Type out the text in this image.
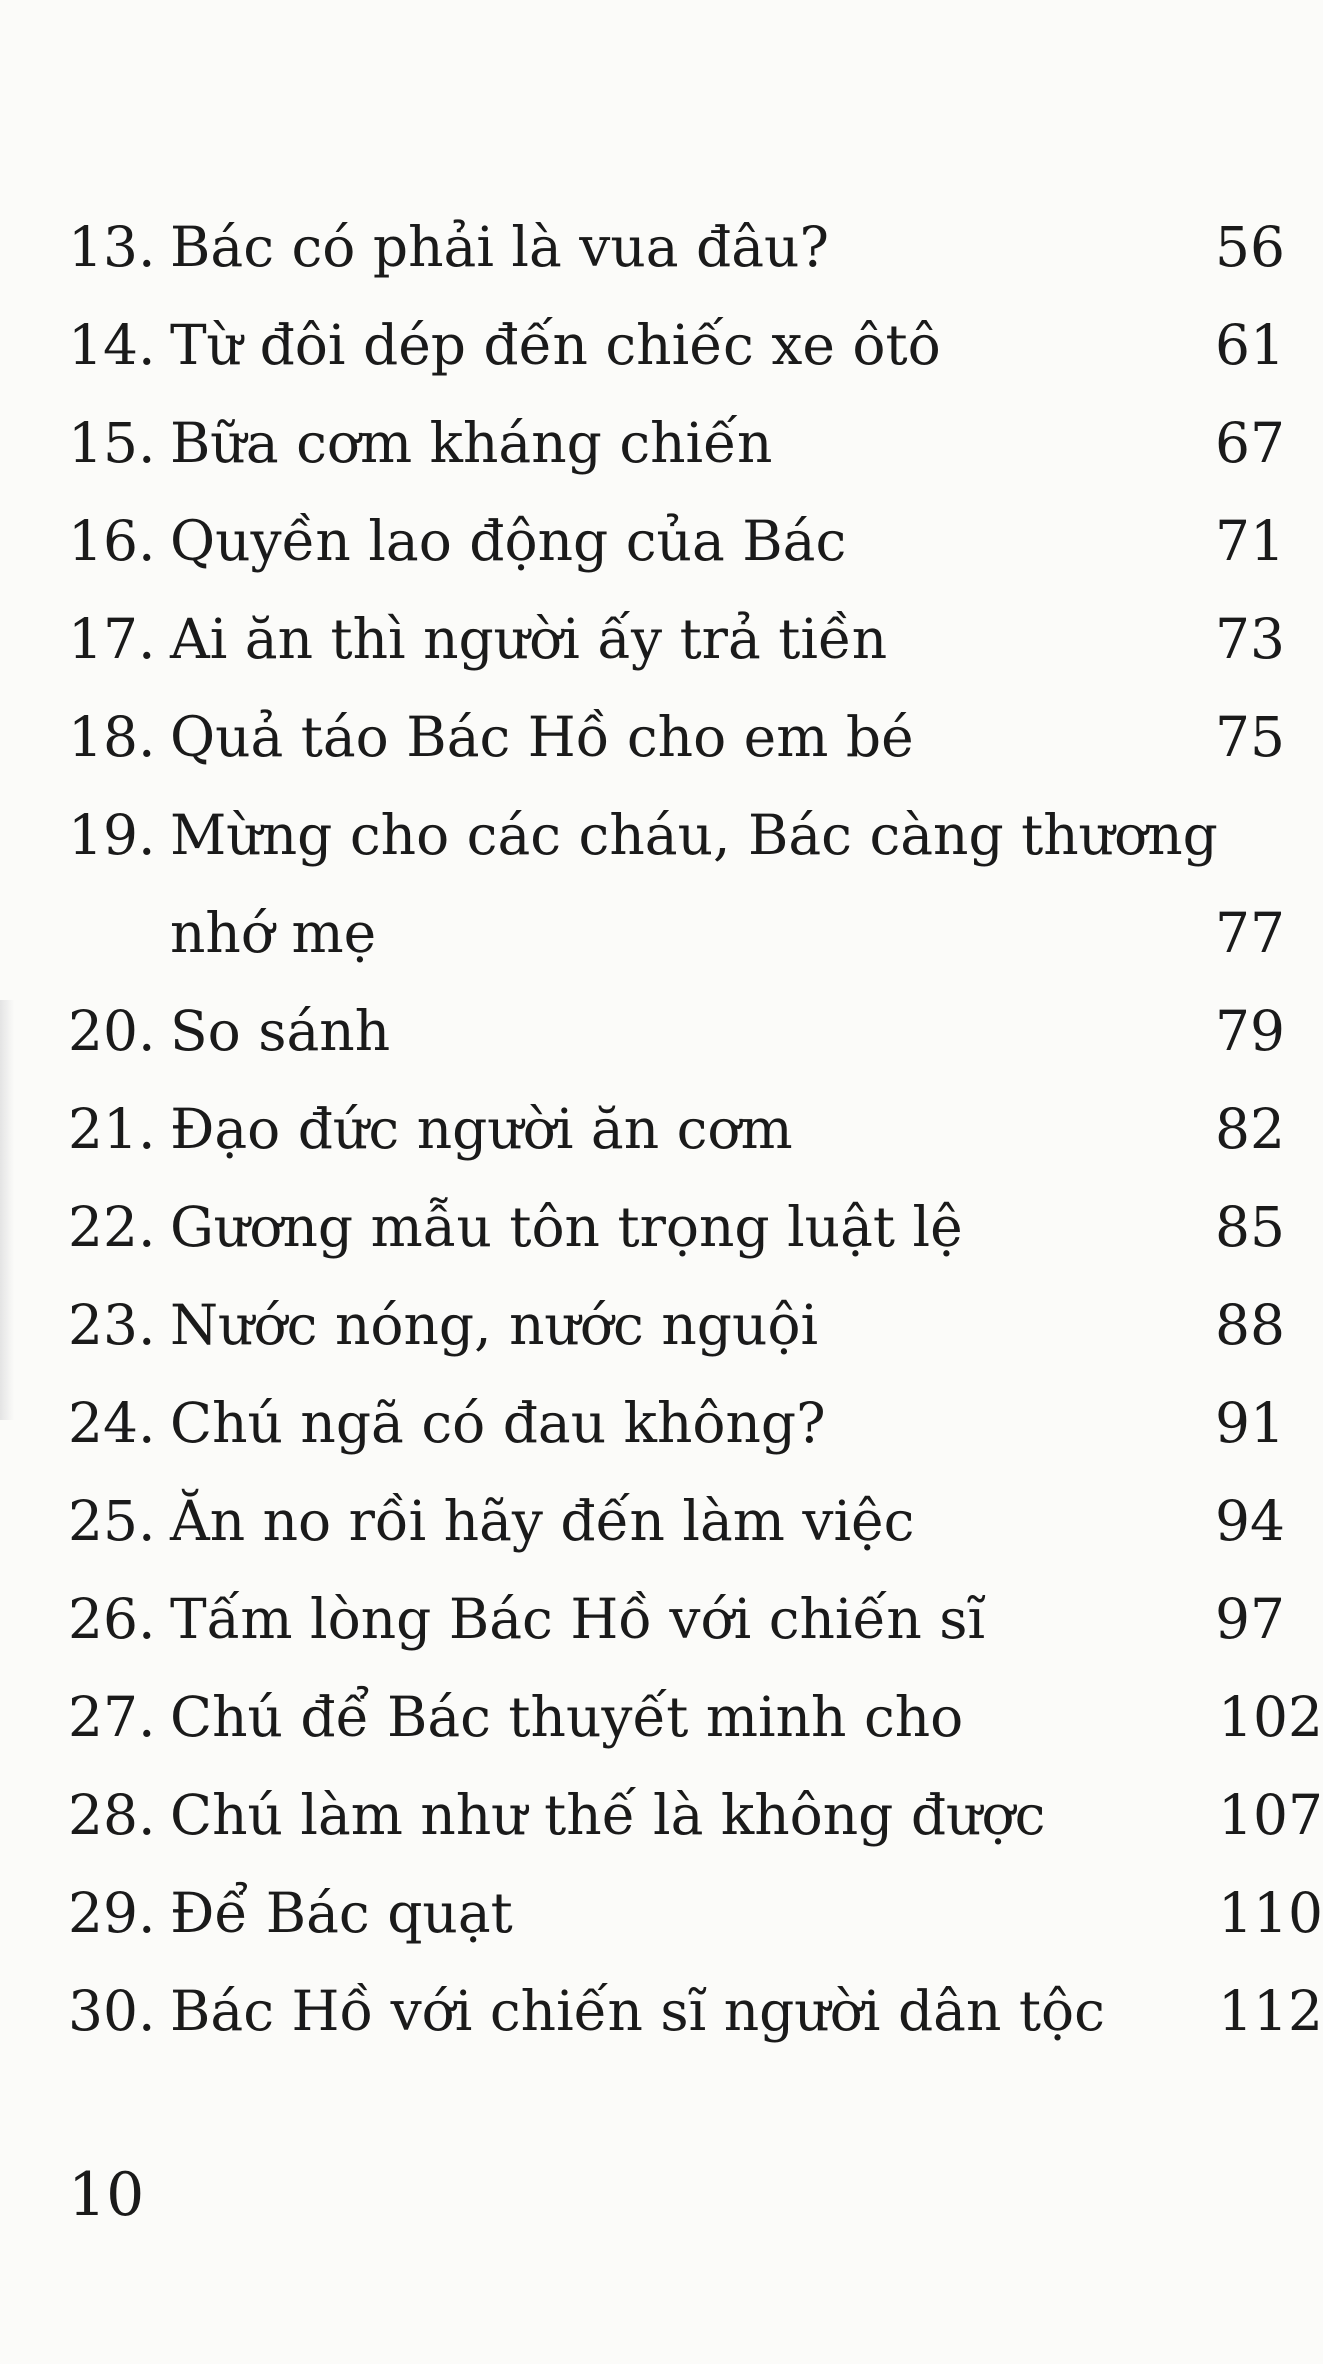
13. Bác có phải là vua đâu?	56
14. Từ đôi dép đến chiếc xe ôtô	61
15. Bữa cơm kháng chiến	67
16. Quyền lao động của Bác	71
17. Ai ăn thì người ấy trả tiền	73
18. Quả táo Bác Hồ cho em bé	75
19. Mừng cho các cháu, Bác càng thương
nhớ mẹ	77
20. So sánh	79
21. Đạo đức người ăn cơm	82
22. Gương mẫu tôn trọng luật lệ	85
23. Nước nóng, nước nguội	88
24. Chú ngã có đau không?	91
25. Ăn no rồi hãy đến làm việc	94
26. Tấm lòng Bác Hồ với chiến sĩ	97
27. Chú để Bác thuyết minh cho	102
28. Chú làm như thế là không được	107
29. Để Bác quạt	110
30. Bác Hồ với chiến sĩ người dân tộc 112
10
